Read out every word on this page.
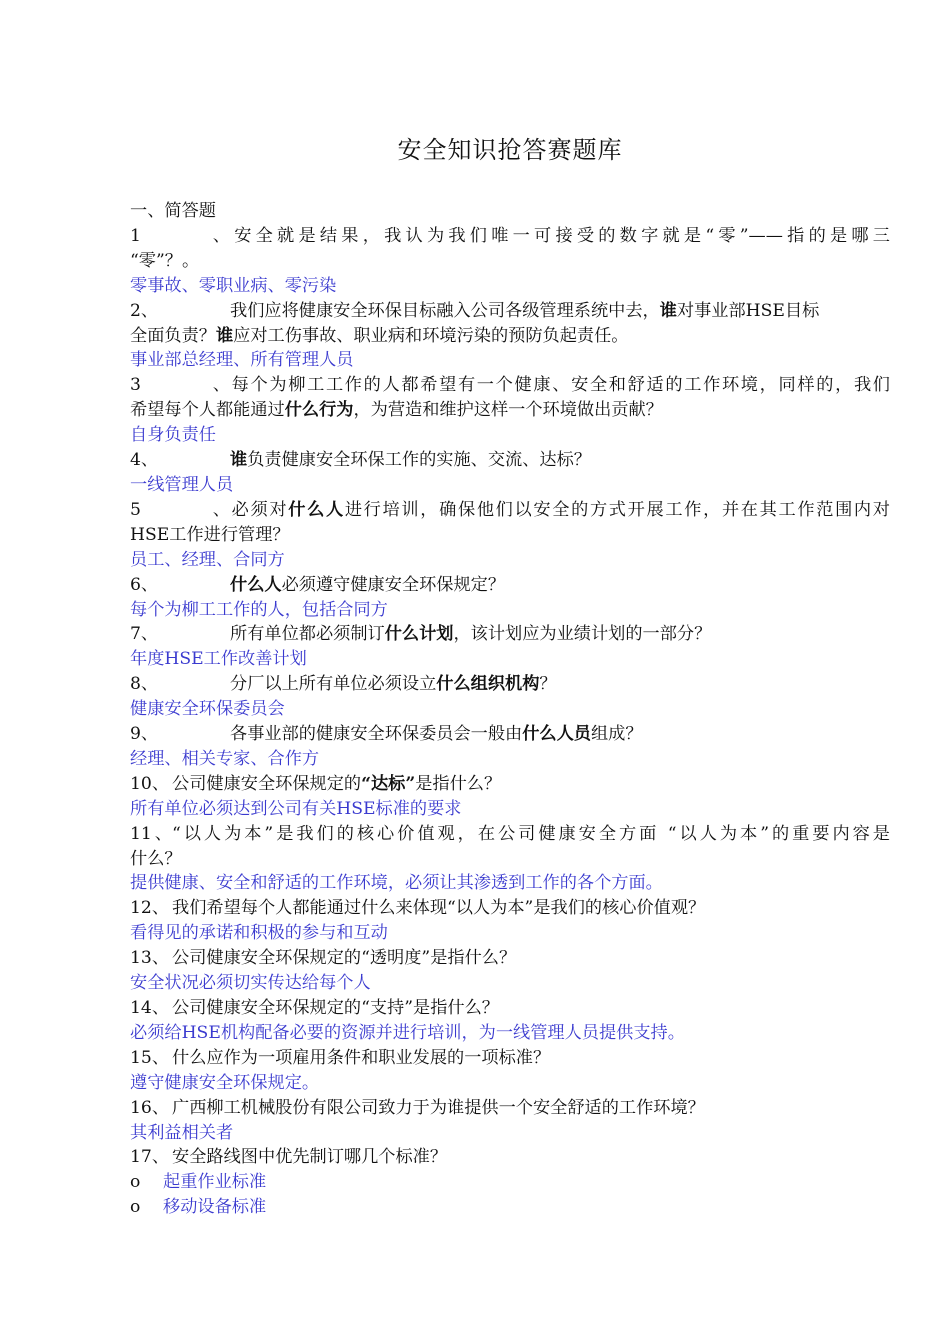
安全知识抢答赛题库
一、简答题
1、安全就是结果，我认为我们唯一可接受的数字就是“零”——指的是哪三
“零”？。
零事故、零职业病、零污染
2、	我们应将健康安全环保目标融入公司各级管理系统中去，谁对事业部HSE目标
全面负责？谁应对工伤事故、职业病和环境污染的预防负起责任。
事业部总经理、所有管理人员
3、每个为柳工工作的人都希望有一个健康、安全和舒适的工作环境，同样的，我们
希望每个人都能通过什么行为，为营造和维护这样一个环境做出贡献？
自身负责任
4、	谁负责健康安全环保工作的实施、交流、达标？
一线管理人员
5、必须对什么人进行培训，确保他们以安全的方式开展工作，并在其工作范围内对
HSE工作进行管理？
员工、经理、合同方
6、	什么人必须遵守健康安全环保规定？
每个为柳工工作的人，包括合同方
7、	所有单位都必须制订什么计划，该计划应为业绩计划的一部分？
年度HSE工作改善计划
8、	分厂以上所有单位必须设立什么组织机构？
健康安全环保委员会
9、	各事业部的健康安全环保委员会一般由什么人员组成？
经理、相关专家、合作方
10、 公司健康安全环保规定的“达标”是指什么？
所有单位必须达到公司有关HSE标准的要求
11、“以人为本”是我们的核心价值观，在公司健康安全方面 “以人为本”的重要内容是
什么？
提供健康、安全和舒适的工作环境，必须让其渗透到工作的各个方面。
12、 我们希望每个人都能通过什么来体现“以人为本”是我们的核心价值观？
看得见的承诺和积极的参与和互动
13、 公司健康安全环保规定的“透明度”是指什么？
安全状况必须切实传达给每个人
14、 公司健康安全环保规定的“支持”是指什么？
必须给HSE机构配备必要的资源并进行培训，为一线管理人员提供支持。
15、 什么应作为一项雇用条件和职业发展的一项标准？
遵守健康安全环保规定。
16、 广西柳工机械股份有限公司致力于为谁提供一个安全舒适的工作环境？
其利益相关者
17、 安全路线图中优先制订哪几个标准？
o 起重作业标准
o 移动设备标准
